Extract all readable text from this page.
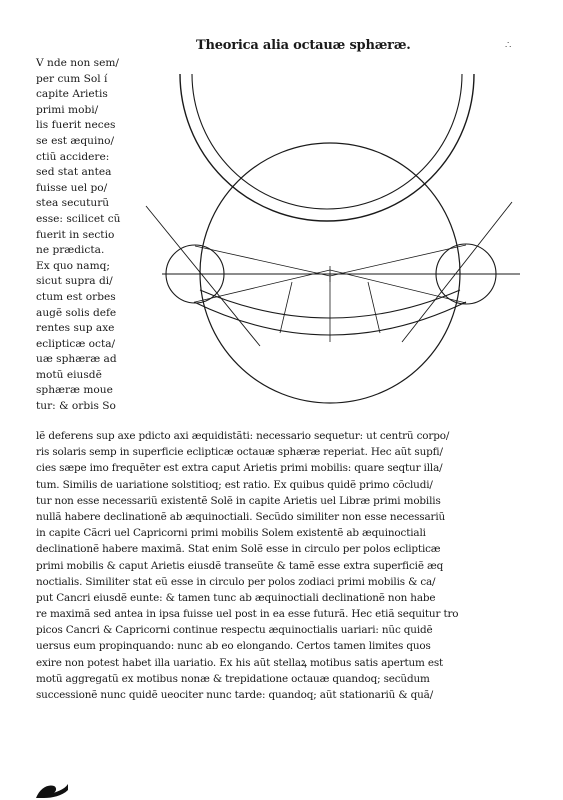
Theorica alia octauæ sphæræ.	∴
V nde non sem/
per cum Sol í
capite Arietis
primi mobi/
lis fuerit neces
se est æquino/
ctiũ accidere:
sed stat antea
fuisse uel po/
stea secuturũ
esse: scilicet cũ
fuerit in sectio
ne prædicta.
Ex quo namq;
sicut supra di/
ctum est orbes
augẽ solis defe
rentes sup axe
eclipticæ octa/
uæ sphæræ ad
motũ eiusdẽ
sphæræ moue
tur: & orbis So
lẽ deferens sup axe pdicto axi æquidistãti: necessario sequetur: ut centrũ corpo/
ris solaris semp in superficie eclipticæ octauæ sphæræ reperiat. Hec aũt supfi/
cies sæpe imo frequẽter est extra caput Arietis primi mobilis: quare seqtur illa/
tum. Similis de uariatione solstitioq; est ratio. Ex quibus quidẽ primo cõcludi/
tur non esse necessariũ existentẽ Solẽ in capite Arietis uel Libræ primi mobilis
nullã habere declinationẽ ab æquinoctiali. Secũdo similiter non esse necessariũ
in capite Cãcri uel Capricorni primi mobilis Solem existentẽ ab æquinoctiali
declinationẽ habere maximã. Stat enim Solẽ esse in circulo per polos eclipticæ
primi mobilis & caput Arietis eiusdẽ transeũte & tamẽ esse extra superficiẽ æq
noctialis. Similiter stat eũ esse in circulo per polos zodiaci primi mobilis & ca/
put Cancri eiusdẽ eunte: & tamen tunc ab æquinoctiali declinationẽ non habe
re maximã sed antea in ipsa fuisse uel post in ea esse futurã. Hec etiã sequitur tro
picos Cancri & Capricorni continue respectu æquinoctialis uariari: nũc quidẽ
uersus eum propinquando: nunc ab eo elongando. Certos tamen limites quos
exire non potest habet illa uariatio. Ex his aũt stellaꝝ motibus satis apertum est
motũ aggregatũ ex motibus nonæ & trepidatione octauæ quandoq; secũdum
successionẽ nunc quidẽ ueociter nunc tarde: quandoq; aũt stationariũ & quã/
